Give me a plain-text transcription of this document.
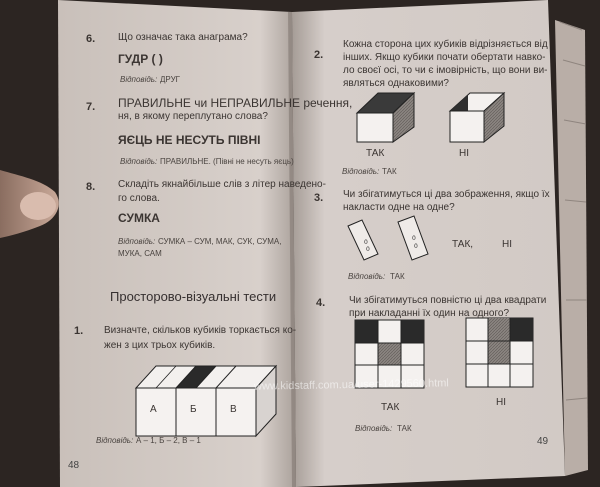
0
0
0
0
6. Що означає така анаграма?
ГУДР ( )
Відповідь: ДРУГ
7. ПРАВИЛЬНЕ чи НЕПРАВИЛЬНЕ речення,
ня, в якому переплутано слова?
ЯЄЦЬ НЕ НЕСУТЬ ПІВНІ
Відповідь: ПРАВИЛЬНЕ. (Півні не несуть яєць)
8. Складіть якнайбільше слів з літер наведено-
го слова.
СУМКА
Відповідь: СУМКА – СУМ, МАК, СУК, СУМА,
МУКА, САМ
Просторово-візуальні тести
1. Визначте, скільков кубиків торкається ко-
жен з цих трьох кубиків.
А	Б	В
Відповідь: А – 1, Б – 2, В – 1
48
2.
Кожна сторона цих кубиків відрізняється від
інших. Якщо кубики почати обертати навко-
ло своєї осі, то чи є імовірність, що вони ви-
являться однаковими?
ТАК	НІ
Відповідь: ТАК
3. Чи збігатимуться ці два зображення, якщо їх
накласти одне на одне?
ТАК,	НІ
Відповідь: ТАК
4. Чи збігатимуться повністю ці два квадрати
при накладанні їх один на одного?
ТАК	НІ
Відповідь: ТАК
49
www.kidstaff.com.ua/user-1429560.html
